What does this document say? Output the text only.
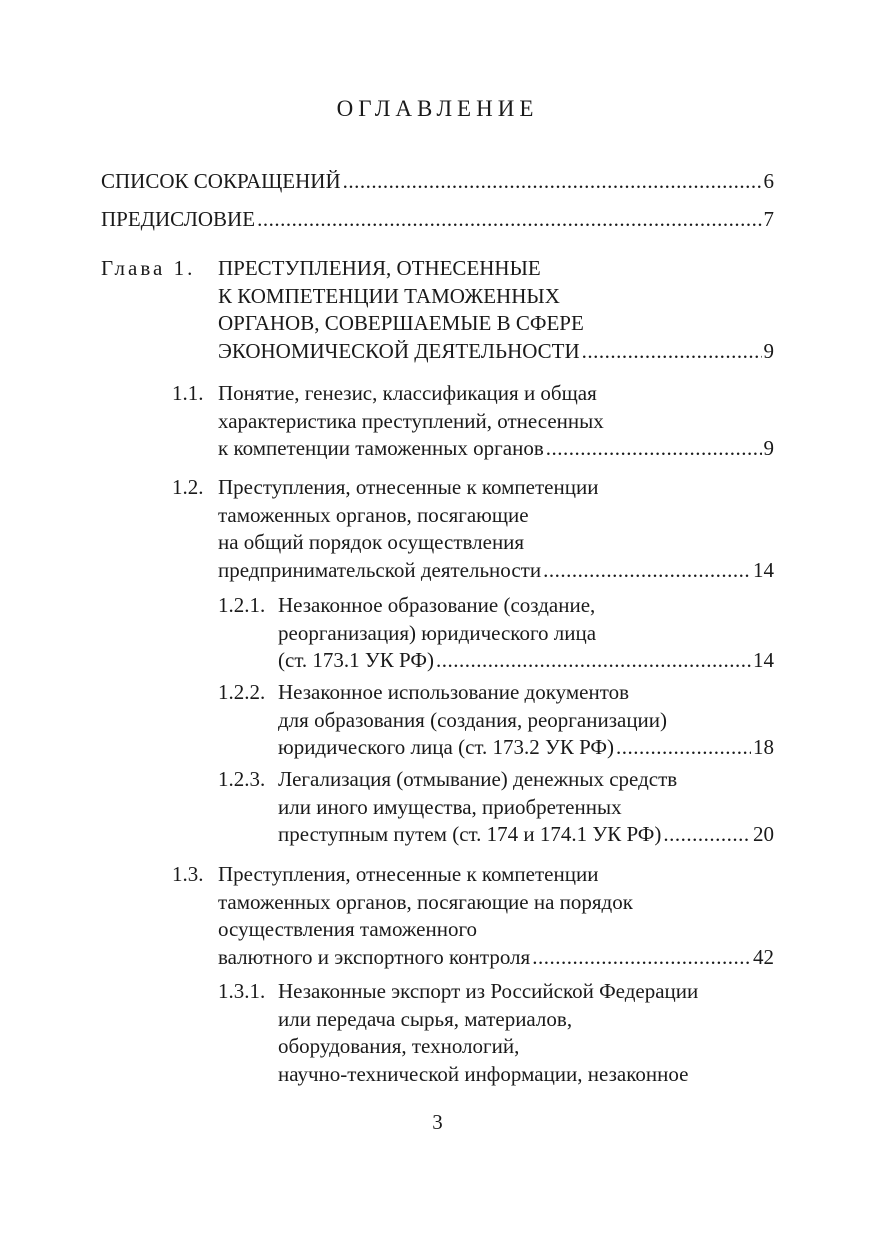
ОГЛАВЛЕНИЕ
СПИСОК СОКРАЩЕНИЙ .....	6
ПРЕДИСЛОВИЕ .....	7
Глава 1. ПРЕСТУПЛЕНИЯ, ОТНЕСЕННЫЕ
К КОМПЕТЕНЦИИ ТАМОЖЕННЫХ
ОРГАНОВ, СОВЕРШАЕМЫЕ В СФЕРЕ
ЭКОНОМИЧЕСКОЙ ДЕЯТЕЛЬНОСТИ .....	9
1.1. Понятие, генезис, классификация и общая
характеристика преступлений, отнесенных
к компетенции таможенных органов .....	9
1.2. Преступления, отнесенные к компетенции
таможенных органов, посягающие
на общий порядок осуществления
предпринимательской деятельности .....	14
1.2.1. Незаконное образование (создание,
реорганизация) юридического лица
(ст. 173.1 УК РФ) .....	14
1.2.2. Незаконное использование документов
для образования (создания, реорганизации)
юридического лица (ст. 173.2 УК РФ) .....	18
1.2.3. Легализация (отмывание) денежных средств
или иного имущества, приобретенных
преступным путем (ст. 174 и 174.1 УК РФ) .....	20
1.3. Преступления, отнесенные к компетенции
таможенных органов, посягающие на порядок
осуществления таможенного
валютного и экспортного контроля .....	42
1.3.1. Незаконные экспорт из Российской Федерации
или передача сырья, материалов,
оборудования, технологий,
научно-технической информации, незаконное
3
